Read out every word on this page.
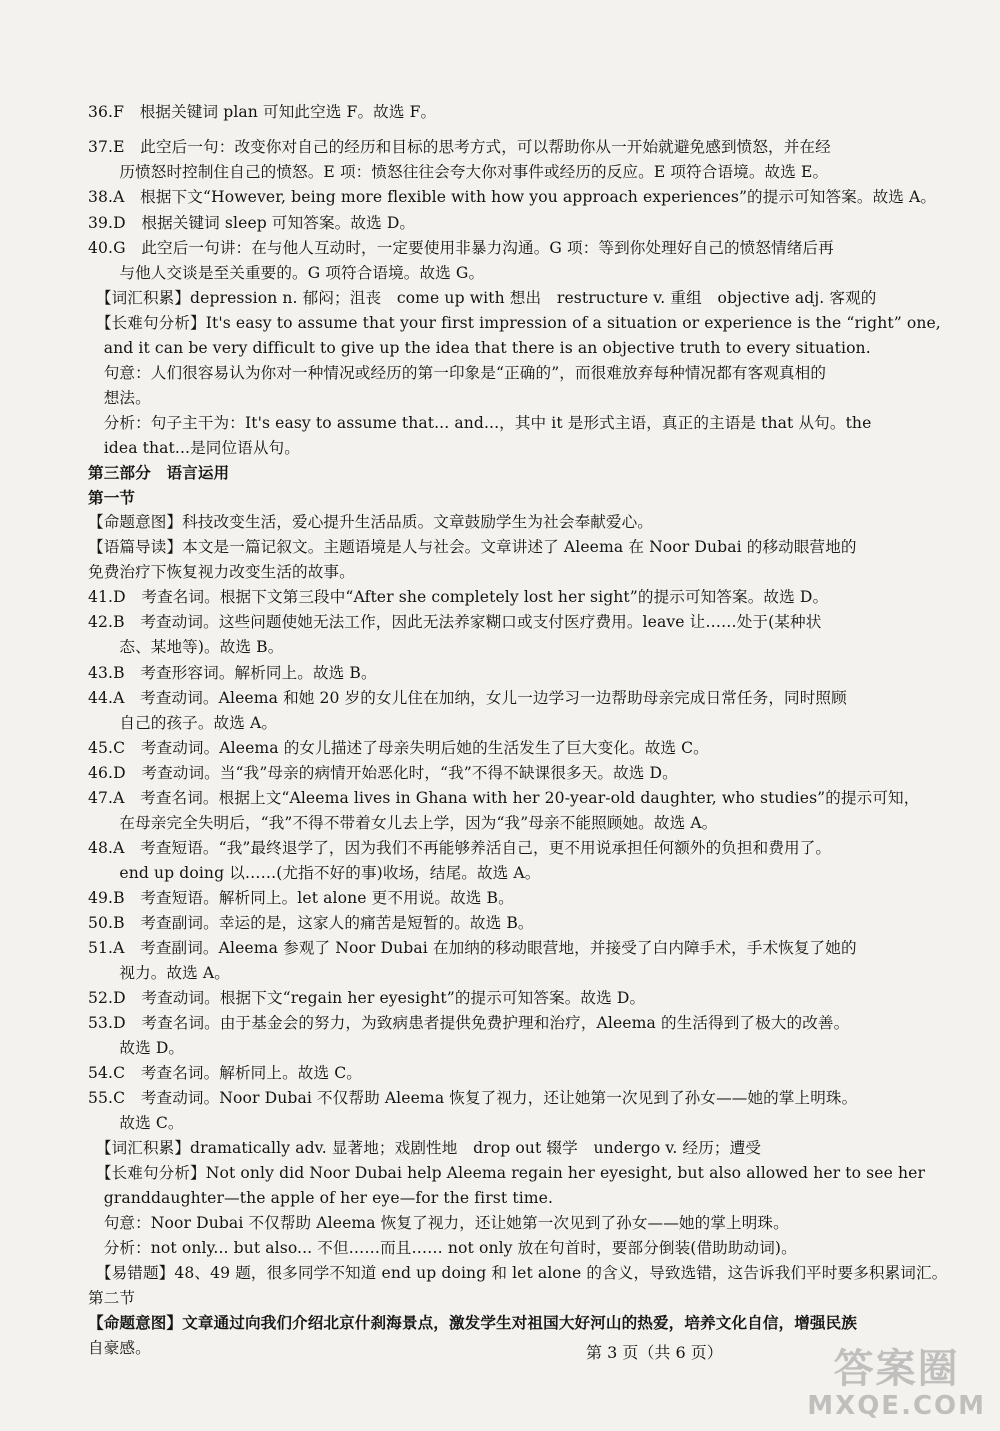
36.F　根据关键词 plan 可知此空选 F。故选 F。
37.E　此空后一句：改变你对自己的经历和目标的思考方式，可以帮助你从一开始就避免感到愤怒，并在经
　　历愤怒时控制住自己的愤怒。E 项：愤怒往往会夸大你对事件或经历的反应。E 项符合语境。故选 E。
38.A　根据下文“However, being more flexible with how you approach experiences”的提示可知答案。故选 A。
39.D　根据关键词 sleep 可知答案。故选 D。
40.G　此空后一句讲：在与他人互动时，一定要使用非暴力沟通。G 项：等到你处理好自己的愤怒情绪后再
　　与他人交谈是至关重要的。G 项符合语境。故选 G。
　【词汇积累】depression n. 郁闷；沮丧　come up with 想出　restructure v. 重组　objective adj. 客观的
　【长难句分析】It's easy to assume that your first impression of a situation or experience is the “right” one,
　and it can be very difficult to give up the idea that there is an objective truth to every situation.
　句意：人们很容易认为你对一种情况或经历的第一印象是“正确的”，而很难放弃每种情况都有客观真相的
　想法。
　分析：句子主干为：It's easy to assume that... and...，其中 it 是形式主语，真正的主语是 that 从句。the
　idea that...是同位语从句。
第三部分　语言运用
第一节
【命题意图】科技改变生活，爱心提升生活品质。文章鼓励学生为社会奉献爱心。
【语篇导读】本文是一篇记叙文。主题语境是人与社会。文章讲述了 Aleema 在 Noor Dubai 的移动眼营地的
免费治疗下恢复视力改变生活的故事。
41.D　考查名词。根据下文第三段中“After she completely lost her sight”的提示可知答案。故选 D。
42.B　考查动词。这些问题使她无法工作，因此无法养家糊口或支付医疗费用。leave 让……处于(某种状
　　态、某地等)。故选 B。
43.B　考查形容词。解析同上。故选 B。
44.A　考查动词。Aleema 和她 20 岁的女儿住在加纳，女儿一边学习一边帮助母亲完成日常任务，同时照顾
　　自己的孩子。故选 A。
45.C　考查动词。Aleema 的女儿描述了母亲失明后她的生活发生了巨大变化。故选 C。
46.D　考查动词。当“我”母亲的病情开始恶化时，“我”不得不缺课很多天。故选 D。
47.A　考查名词。根据上文“Aleema lives in Ghana with her 20-year-old daughter, who studies”的提示可知，
　　在母亲完全失明后，“我”不得不带着女儿去上学，因为“我”母亲不能照顾她。故选 A。
48.A　考查短语。“我”最终退学了，因为我们不再能够养活自己，更不用说承担任何额外的负担和费用了。
　　end up doing 以……(尤指不好的事)收场，结尾。故选 A。
49.B　考查短语。解析同上。let alone 更不用说。故选 B。
50.B　考查副词。幸运的是，这家人的痛苦是短暂的。故选 B。
51.A　考查副词。Aleema 参观了 Noor Dubai 在加纳的移动眼营地，并接受了白内障手术，手术恢复了她的
　　视力。故选 A。
52.D　考查动词。根据下文“regain her eyesight”的提示可知答案。故选 D。
53.D　考查名词。由于基金会的努力，为致病患者提供免费护理和治疗，Aleema 的生活得到了极大的改善。
　　故选 D。
54.C　考查名词。解析同上。故选 C。
55.C　考查动词。Noor Dubai 不仅帮助 Aleema 恢复了视力，还让她第一次见到了孙女——她的掌上明珠。
　　故选 C。
　【词汇积累】dramatically adv. 显著地；戏剧性地　drop out 辍学　undergo v. 经历；遭受
　【长难句分析】Not only did Noor Dubai help Aleema regain her eyesight, but also allowed her to see her
　granddaughter—the apple of her eye—for the first time.
　句意：Noor Dubai 不仅帮助 Aleema 恢复了视力，还让她第一次见到了孙女——她的掌上明珠。
　分析：not only... but also... 不但……而且…… not only 放在句首时，要部分倒装(借助助动词)。
　【易错题】48、49 题，很多同学不知道 end up doing 和 let alone 的含义，导致选错，这告诉我们平时要多积累词汇。
第二节
【命题意图】文章通过向我们介绍北京什刹海景点，激发学生对祖国大好河山的热爱，培养文化自信，增强民族
自豪感。	第 3 页（共 6 页）	答案圈
MXQE.COM
